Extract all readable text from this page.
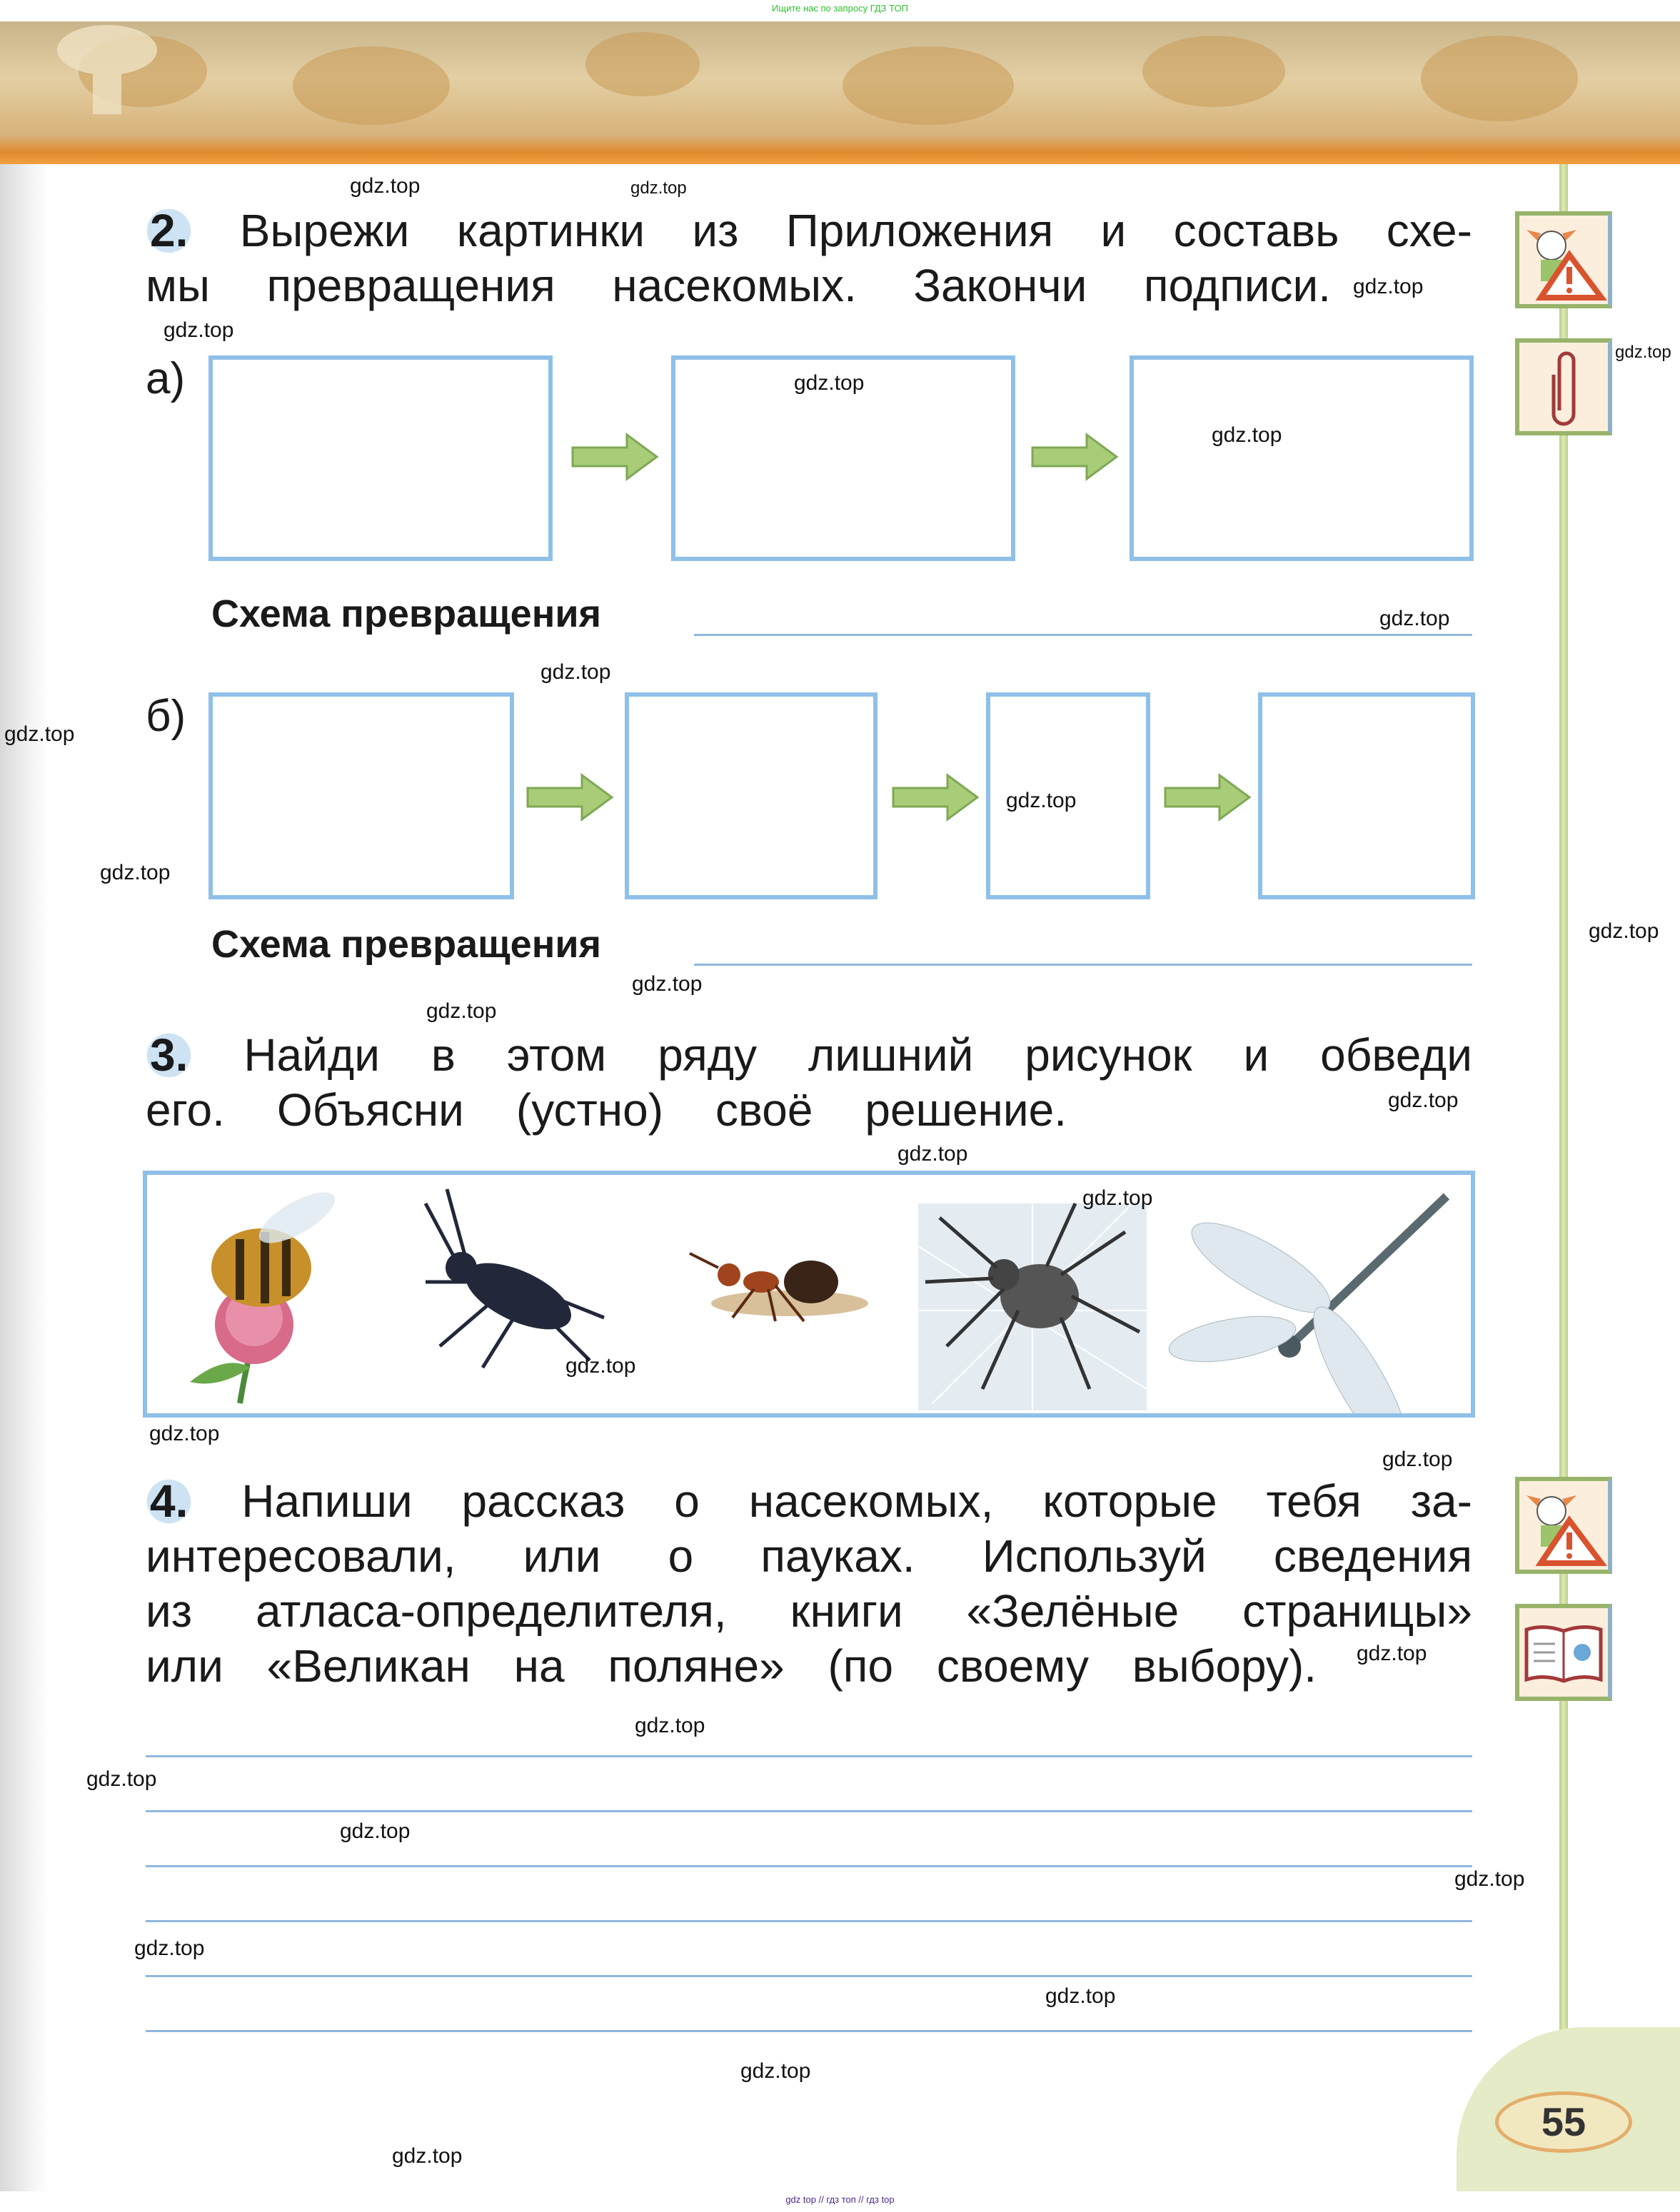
Ищите нас по запросу ГДЗ ТОП
2. Вырежи картинки из Приложения и составь схе-
мы превращения насекомых. Закончи подписи.
а)
Схема превращения
б)
Схема превращения
3. Найди в этом ряду лишний рисунок и обведи
его. Объясни (устно) своё решение.
4. Напиши рассказ о насекомых, которые тебя за-
интересовали, или о пауках. Используй сведения
из атласа-определителя, книги «Зелёные страницы»
или «Великан на поляне» (по своему выбору).
55
gdz top // гдз топ // гдз top
gdz.top	gdz.top
gdz.top
gdz.top
gdz.top
gdz.top
gdz.top
gdz.top
gdz.top
gdz.top
gdz.top
gdz.top
gdz.top
gdz.top
gdz.top
gdz.top
gdz.top
gdz.top
gdz.top
gdz.top
gdz.top
gdz.top
gdz.top
gdz.top
gdz.top
gdz.top
gdz.top
gdz.top
gdz.top
gdz.top
